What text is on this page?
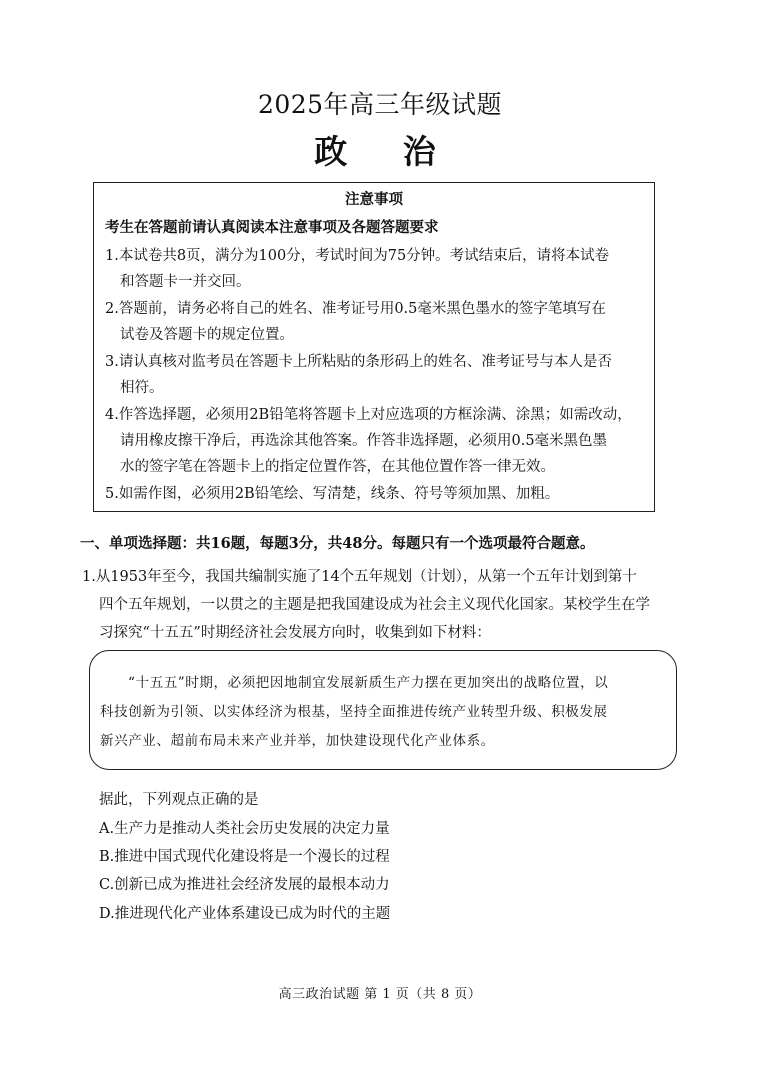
2025年高三年级试题
政 治
注意事项
考生在答题前请认真阅读本注意事项及各题答题要求
1.本试卷共8页，满分为100分，考试时间为75分钟。考试结束后，请将本试卷
和答题卡一并交回。
2.答题前，请务必将自己的姓名、准考证号用0.5毫米黑色墨水的签字笔填写在
试卷及答题卡的规定位置。
3.请认真核对监考员在答题卡上所粘贴的条形码上的姓名、准考证号与本人是否
相符。
4.作答选择题，必须用2B铅笔将答题卡上对应选项的方框涂满、涂黑；如需改动，
请用橡皮擦干净后，再选涂其他答案。作答非选择题，必须用0.5毫米黑色墨
水的签字笔在答题卡上的指定位置作答，在其他位置作答一律无效。
5.如需作图，必须用2B铅笔绘、写清楚，线条、符号等须加黑、加粗。
一、单项选择题：共16题，每题3分，共48分。每题只有一个选项最符合题意。
1.从1953年至今，我国共编制实施了14个五年规划（计划），从第一个五年计划到第十
四个五年规划，一以贯之的主题是把我国建设成为社会主义现代化国家。某校学生在学
习探究“十五五”时期经济社会发展方向时，收集到如下材料：
“十五五”时期，必须把因地制宜发展新质生产力摆在更加突出的战略位置，以
科技创新为引领、以实体经济为根基，坚持全面推进传统产业转型升级、积极发展
新兴产业、超前布局未来产业并举，加快建设现代化产业体系。
据此，下列观点正确的是
A.生产力是推动人类社会历史发展的决定力量
B.推进中国式现代化建设将是一个漫长的过程
C.创新已成为推进社会经济发展的最根本动力
D.推进现代化产业体系建设已成为时代的主题
高三政治试题 第 1 页（共 8 页）
